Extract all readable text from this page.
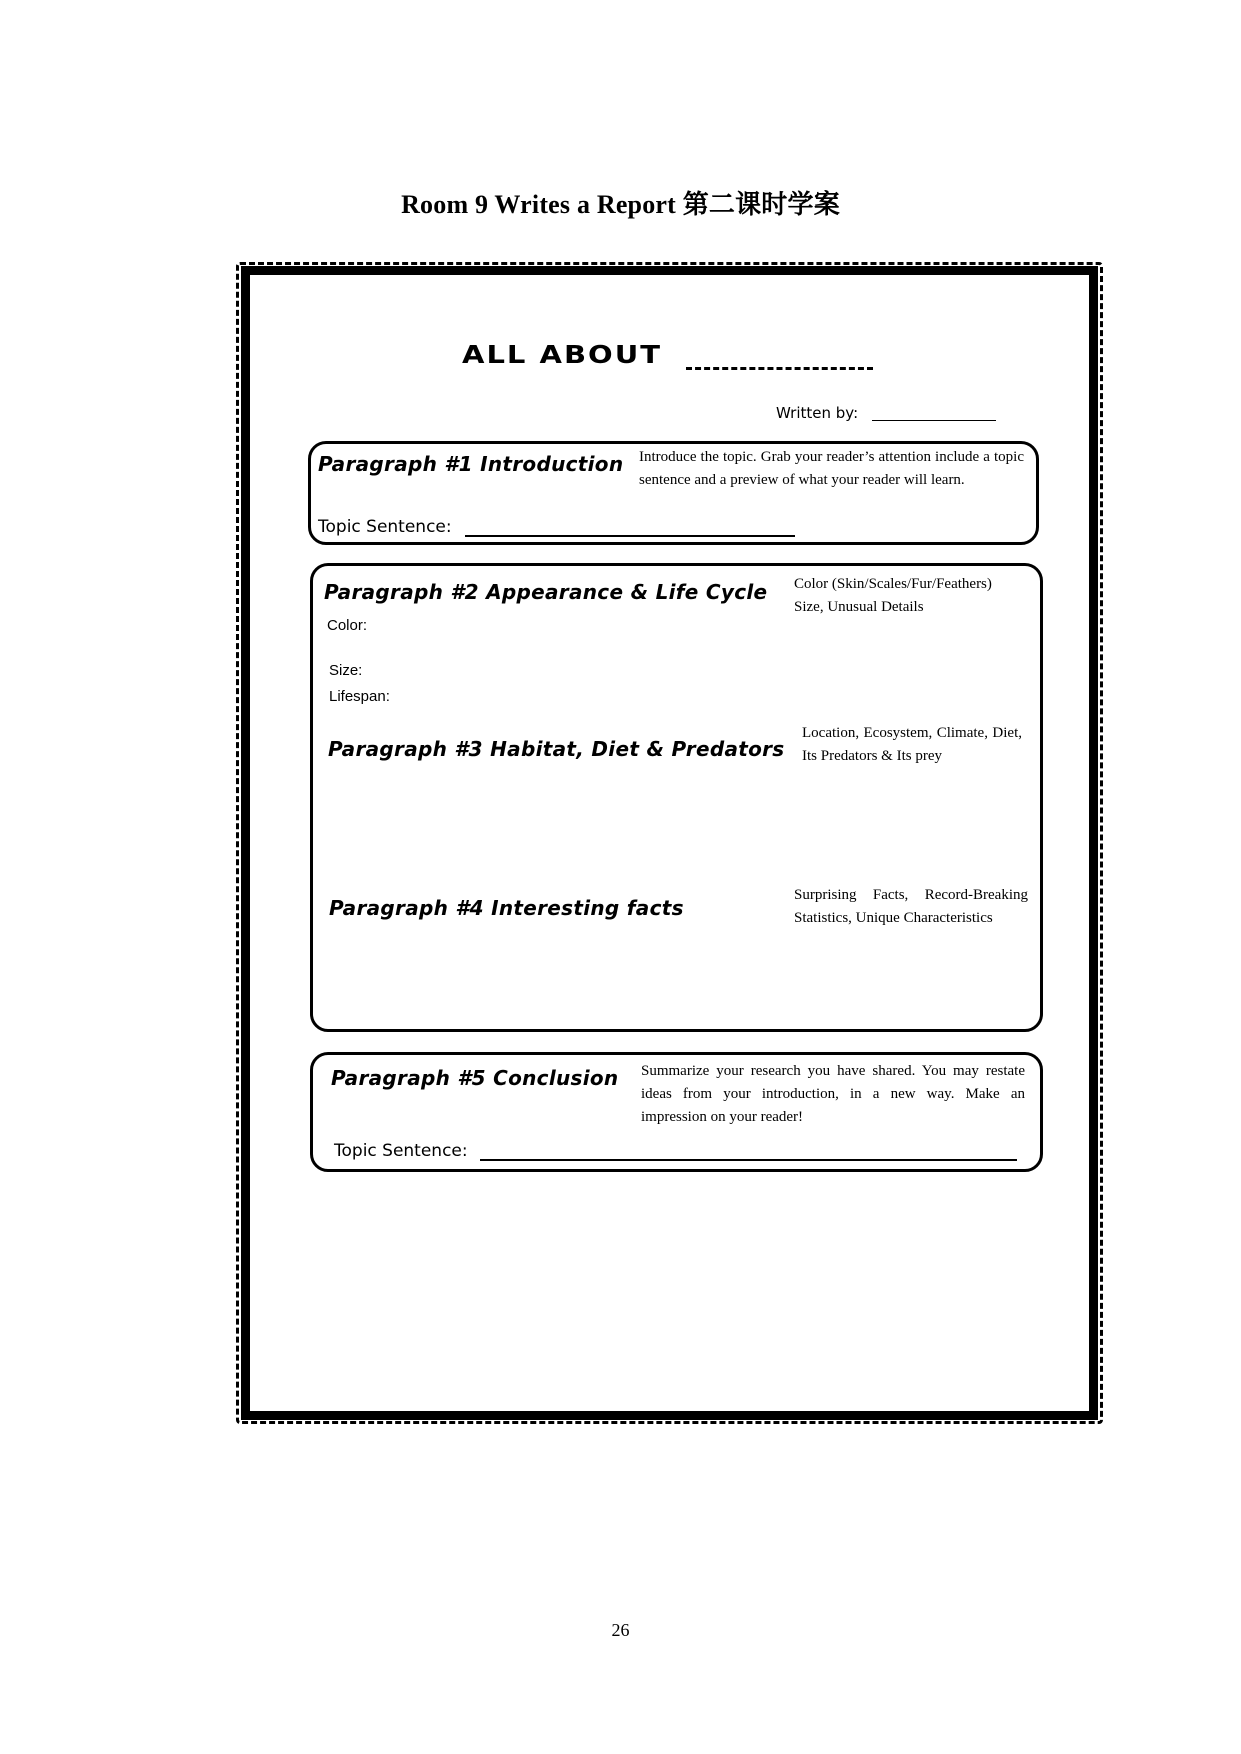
Room 9 Writes a Report 第二课时学案
ALL ABOUT
Written by:
Paragraph #1 Introduction Introduce the topic. Grab your reader’s attention include a topic sentence and a preview of what your reader will learn.
Topic Sentence:
Paragraph #2 Appearance & Life Cycle Color (Skin/Scales/Fur/Feathers)
Size, Unusual Details
Color:
Size:
Lifespan:
Paragraph #3 Habitat, Diet & Predators
Location, Ecosystem, Climate, Diet, Its Predators & Its prey
Paragraph #4 Interesting facts
Surprising Facts, Record-Breaking Statistics, Unique Characteristics
Paragraph #5 Conclusion Summarize your research you have shared. You may restate ideas from your introduction, in a new way. Make an impression on your reader!
Topic Sentence:
26
